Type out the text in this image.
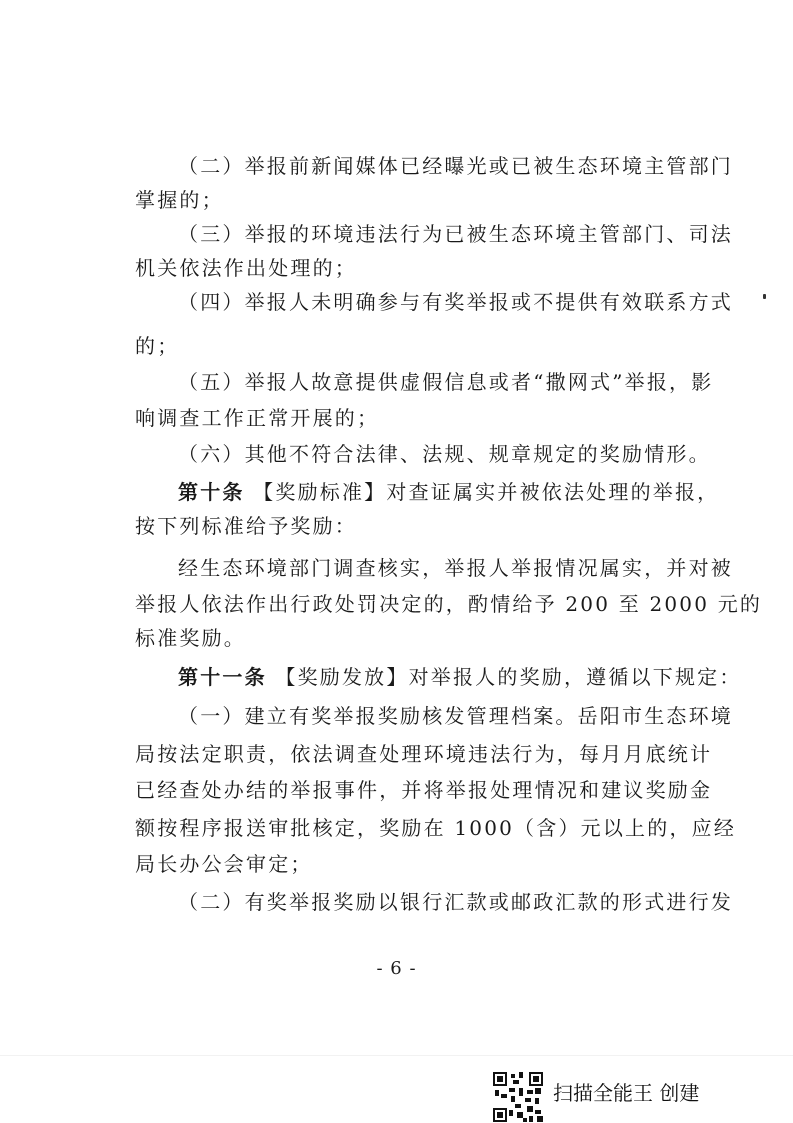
（二）举报前新闻媒体已经曝光或已被生态环境主管部门
掌握的；
（三）举报的环境违法行为已被生态环境主管部门、司法
机关依法作出处理的；
（四）举报人未明确参与有奖举报或不提供有效联系方式
的；
（五）举报人故意提供虚假信息或者“撒网式”举报，影
响调查工作正常开展的；
（六）其他不符合法律、法规、规章规定的奖励情形。
第十条 【奖励标准】对查证属实并被依法处理的举报，
按下列标准给予奖励：
经生态环境部门调查核实，举报人举报情况属实，并对被
举报人依法作出行政处罚决定的，酌情给予 200 至 2000 元的
标准奖励。
第十一条 【奖励发放】对举报人的奖励，遵循以下规定：
（一）建立有奖举报奖励核发管理档案。岳阳市生态环境
局按法定职责，依法调查处理环境违法行为，每月月底统计
已经查处办结的举报事件，并将举报处理情况和建议奖励金
额按程序报送审批核定，奖励在 1000（含）元以上的，应经
局长办公会审定；
（二）有奖举报奖励以银行汇款或邮政汇款的形式进行发
- 6 -
扫描全能王 创建
